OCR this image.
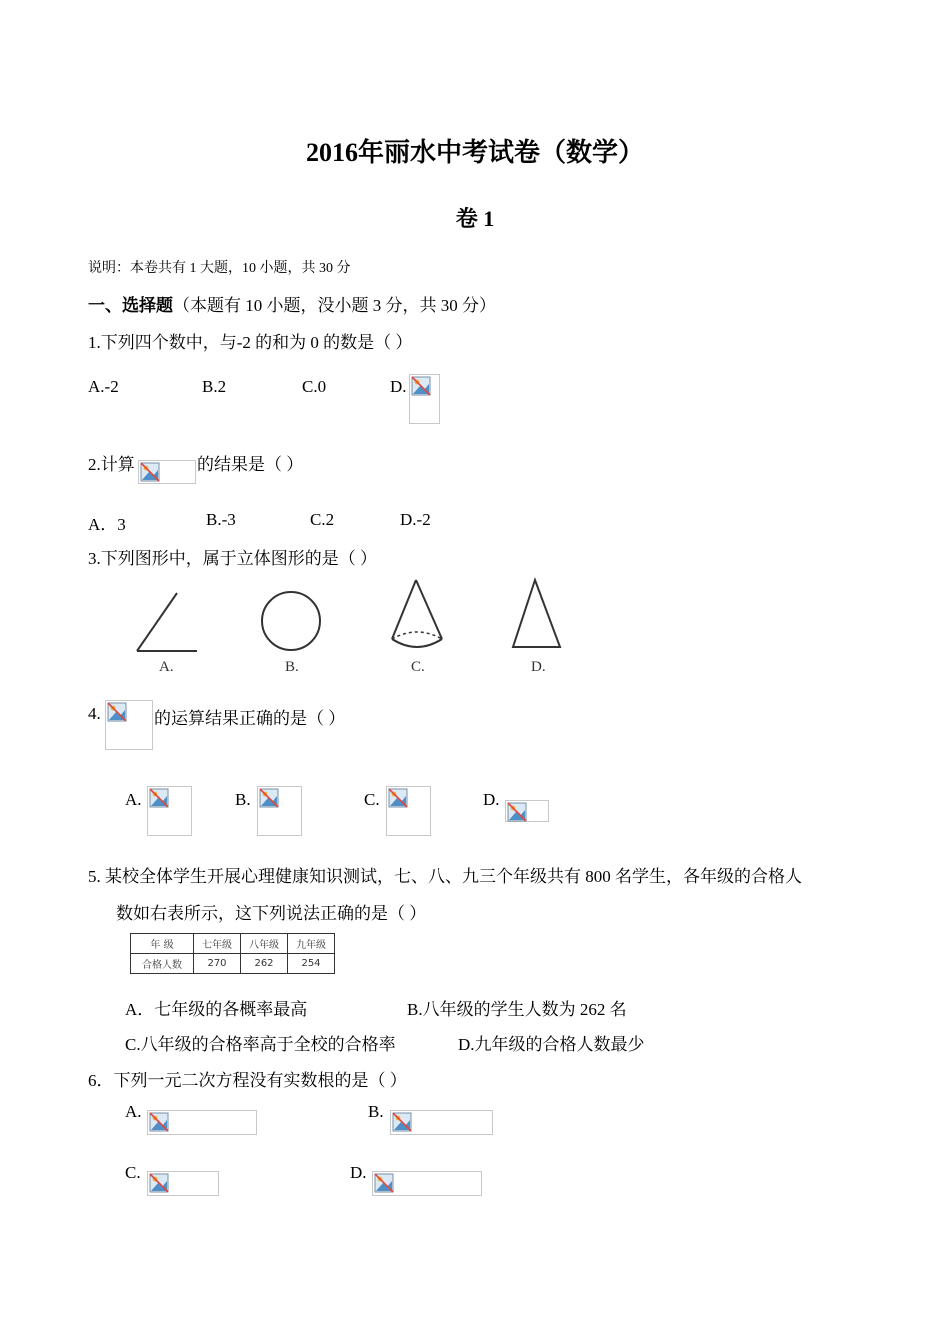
2016年丽水中考试卷（数学）
卷 1
说明：本卷共有 1 大题，10 小题，共 30 分
一、选择题（本题有 10 小题，没小题 3 分，共 30 分）
1.下列四个数中，与-2 的和为 0 的数是（ ）
A.-2	B.2	C.0	D.
2.计算	的结果是（ ）
A．3	B.-3	C.2	D.-2
3.下列图形中，属于立体图形的是（ ）
A.	B.	C.	D.
4.	的运算结果正确的是（ ）
A.	B.	C.	D.
5. 某校全体学生开展心理健康知识测试，七、八、九三个年级共有 800 名学生，各年级的合格人
数如右表所示，这下列说法正确的是（ ）
年 级	七年级	八年级	九年级
合格人数	270	262	254
A．七年级的各概率最高	B.八年级的学生人数为 262 名
C.八年级的合格率高于全校的合格率	D.九年级的合格人数最少
6．下列一元二次方程没有实数根的是（ ）
A.	B.
C.	D.
